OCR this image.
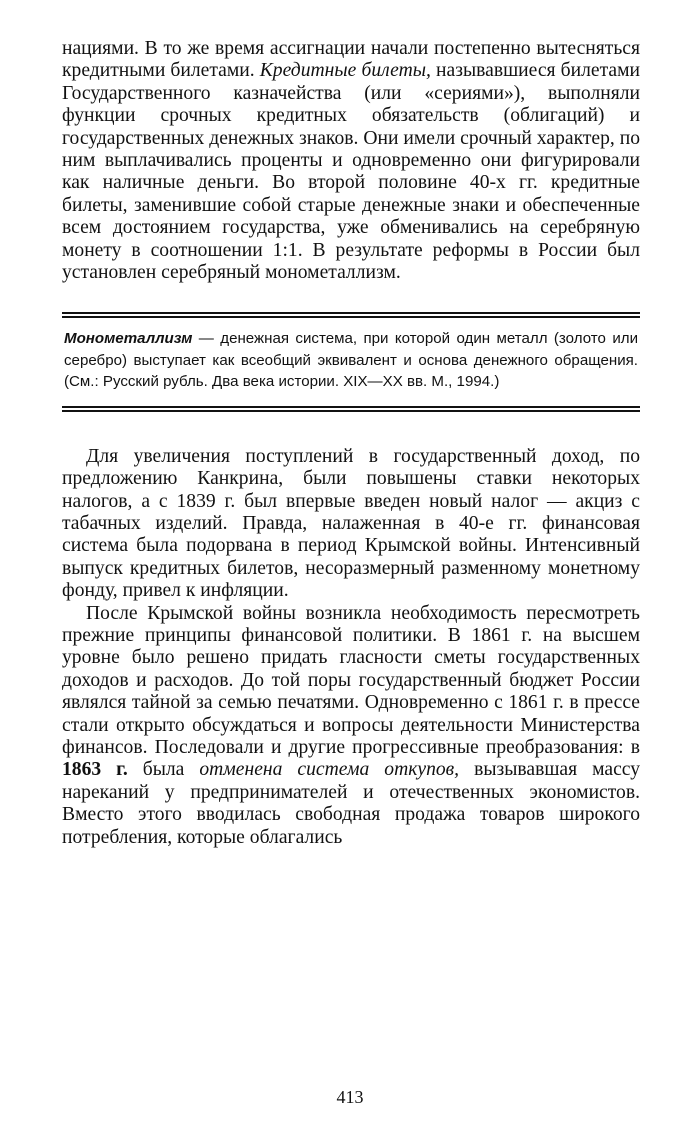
нациями. В то же время ассигнации начали постепенно вытесняться кредитными билетами. Кредитные билеты, называвшиеся билетами Государственного казначейства (или «сериями»), выполняли функции срочных кредитных обязательств (облигаций) и государственных денежных знаков. Они имели срочный характер, по ним выплачивались проценты и одновременно они фигурировали как наличные деньги. Во второй половине 40-х гг. кредитные билеты, заменившие собой старые денежные знаки и обеспеченные всем достоянием государства, уже обменивались на серебряную монету в соотношении 1:1. В результате реформы в России был установлен серебряный монометаллизм.

Монометаллизм — денежная система, при которой один металл (золото или серебро) выступает как всеобщий эквивалент и основа денежного обращения. (См.: Русский рубль. Два века истории. XIX—XX вв. М., 1994.)

Для увеличения поступлений в государственный доход, по предложению Канкрина, были повышены ставки некоторых налогов, а с 1839 г. был впервые введен новый налог — акциз с табачных изделий. Правда, налаженная в 40-е гг. финансовая система была подорвана в период Крымской войны. Интенсивный выпуск кредитных билетов, несоразмерный разменному монетному фонду, привел к инфляции.

После Крымской войны возникла необходимость пересмотреть прежние принципы финансовой политики. В 1861 г. на высшем уровне было решено придать гласности сметы государственных доходов и расходов. До той поры государственный бюджет России являлся тайной за семью печатями. Одновременно с 1861 г. в прессе стали открыто обсуждаться и вопросы деятельности Министерства финансов. Последовали и другие прогрессивные преобразования: в 1863 г. была отменена система откупов, вызывавшая массу нареканий у предпринимателей и отечественных экономистов. Вместо этого вводилась свободная продажа товаров широкого потребления, которые облагались

413
